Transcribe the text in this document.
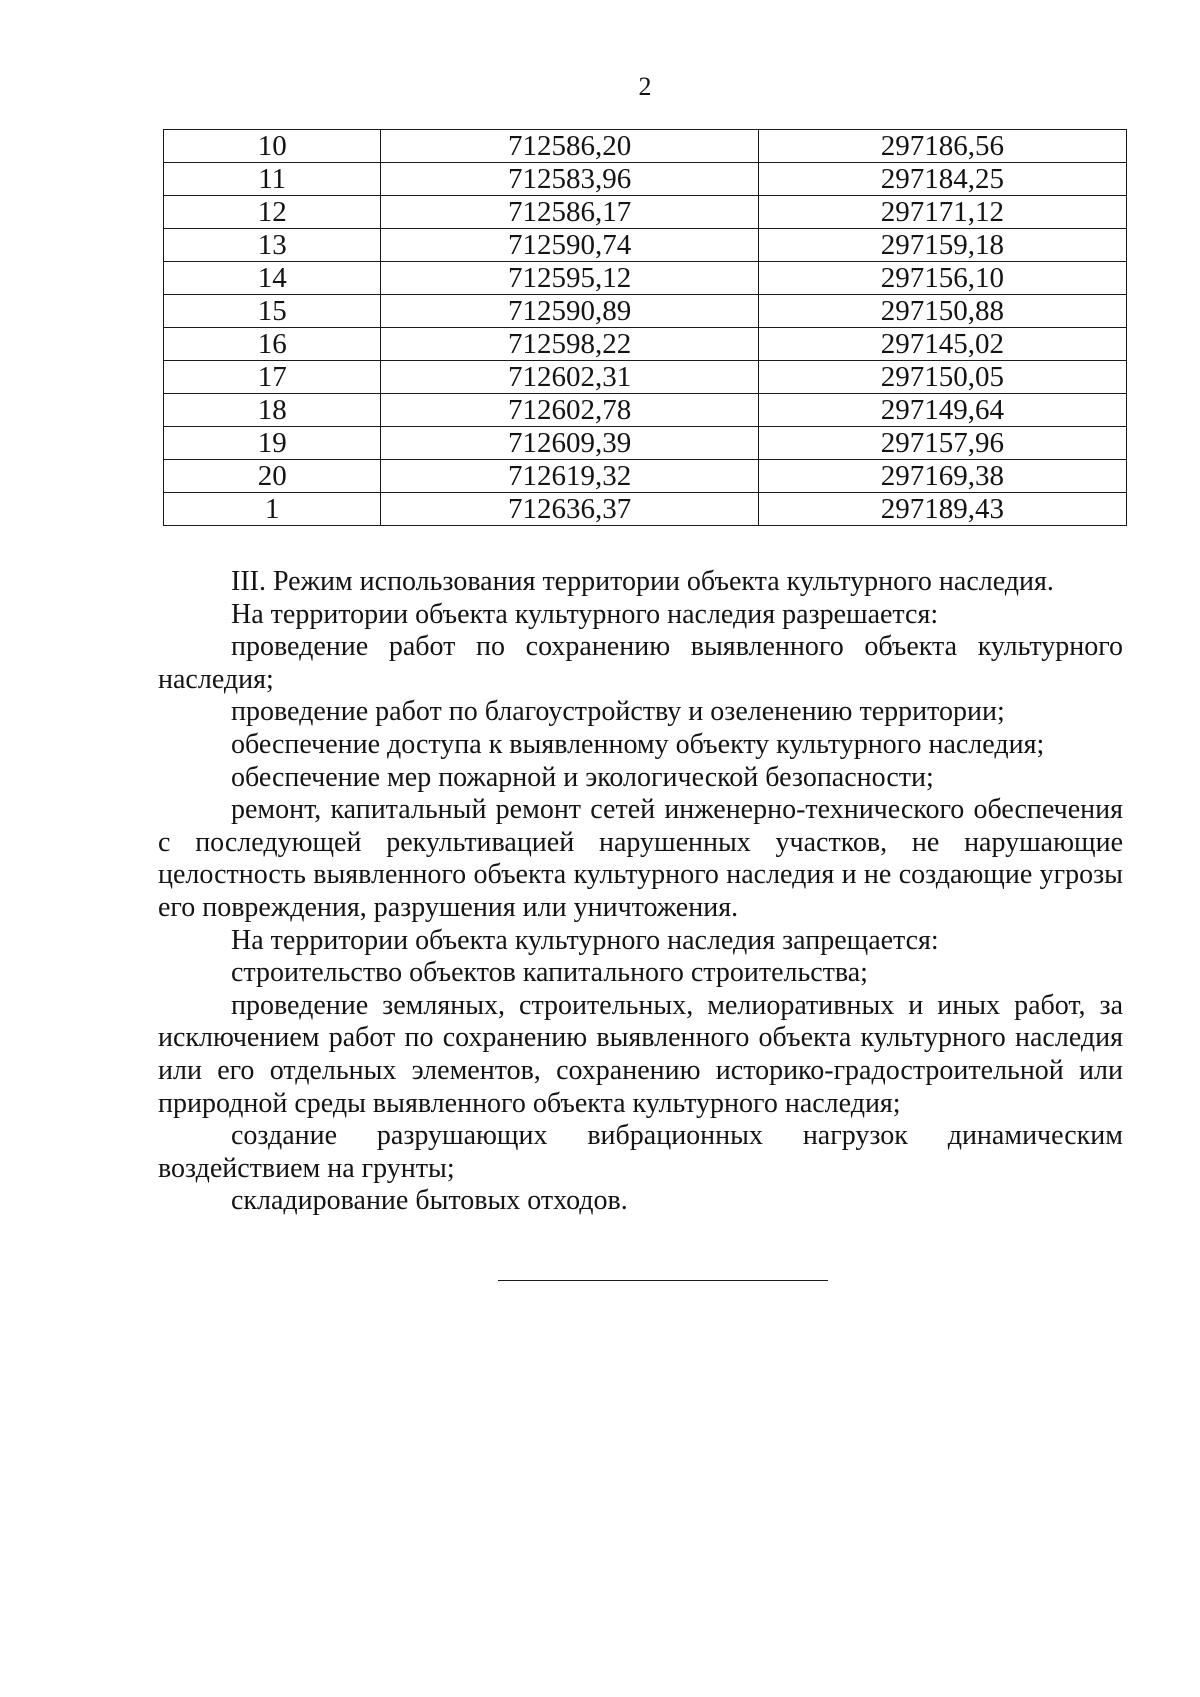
2
10	712586,20	297186,56
11	712583,96	297184,25
12	712586,17	297171,12
13	712590,74	297159,18
14	712595,12	297156,10
15	712590,89	297150,88
16	712598,22	297145,02
17	712602,31	297150,05
18	712602,78	297149,64
19	712609,39	297157,96
20	712619,32	297169,38
1	712636,37	297189,43

III. Режим использования территории объекта культурного наследия.

На территории объекта культурного наследия разрешается:

проведение работ по сохранению выявленного объекта культурного наследия;

проведение работ по благоустройству и озеленению территории;

обеспечение доступа к выявленному объекту культурного наследия;

обеспечение мер пожарной и экологической безопасности;

ремонт, капитальный ремонт сетей инженерно-технического обеспечения с последующей рекультивацией нарушенных участков, не нарушающие целостность выявленного объекта культурного наследия и не создающие угрозы его повреждения, разрушения или уничтожения.

На территории объекта культурного наследия запрещается:

строительство объектов капитального строительства;

проведение земляных, строительных, мелиоративных и иных работ, за исключением работ по сохранению выявленного объекта культурного наследия или его отдельных элементов, сохранению историко-градостроительной или природной среды выявленного объекта культурного наследия;

создание разрушающих вибрационных нагрузок динамическим воздействием на грунты;

складирование бытовых отходов.
